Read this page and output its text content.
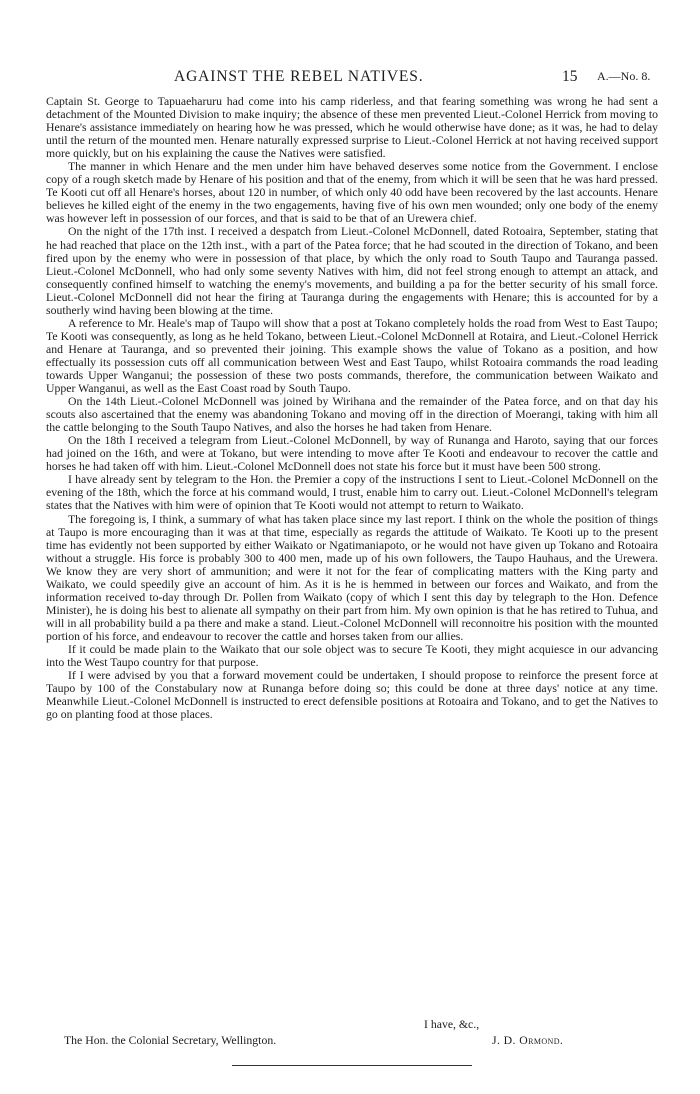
AGAINST THE REBEL NATIVES.	15 A.—No. 8.

Captain St. George to Tapuaeharuru had come into his camp riderless, and that fearing something was wrong he had sent a detachment of the Mounted Division to make inquiry; the absence of these men prevented Lieut.-Colonel Herrick from moving to Henare's assistance immediately on hearing how he was pressed, which he would otherwise have done; as it was, he had to delay until the return of the mounted men. Henare naturally expressed surprise to Lieut.-Colonel Herrick at not having received support more quickly, but on his explaining the cause the Natives were satisfied.

The manner in which Henare and the men under him have behaved deserves some notice from the Government. I enclose copy of a rough sketch made by Henare of his position and that of the enemy, from which it will be seen that he was hard pressed. Te Kooti cut off all Henare's horses, about 120 in number, of which only 40 odd have been recovered by the last accounts. Henare believes he killed eight of the enemy in the two engagements, having five of his own men wounded; only one body of the enemy was however left in possession of our forces, and that is said to be that of an Urewera chief.

On the night of the 17th inst. I received a despatch from Lieut.-Colonel McDonnell, dated Rotoaira, September, stating that he had reached that place on the 12th inst., with a part of the Patea force; that he had scouted in the direction of Tokano, and been fired upon by the enemy who were in possession of that place, by which the only road to South Taupo and Tauranga passed. Lieut.-Colonel McDonnell, who had only some seventy Natives with him, did not feel strong enough to attempt an attack, and consequently confined himself to watching the enemy's movements, and building a pa for the better security of his small force. Lieut.-Colonel McDonnell did not hear the firing at Tauranga during the engagements with Henare; this is accounted for by a southerly wind having been blowing at the time.

A reference to Mr. Heale's map of Taupo will show that a post at Tokano completely holds the road from West to East Taupo; Te Kooti was consequently, as long as he held Tokano, between Lieut.-Colonel McDonnell at Rotaira, and Lieut.-Colonel Herrick and Henare at Tauranga, and so prevented their joining. This example shows the value of Tokano as a position, and how effectually its possession cuts off all communication between West and East Taupo, whilst Rotoaira commands the road leading towards Upper Wanganui; the possession of these two posts commands, therefore, the communication between Waikato and Upper Wanganui, as well as the East Coast road by South Taupo.

On the 14th Lieut.-Colonel McDonnell was joined by Wirihana and the remainder of the Patea force, and on that day his scouts also ascertained that the enemy was abandoning Tokano and moving off in the direction of Moerangi, taking with him all the cattle belonging to the South Taupo Natives, and also the horses he had taken from Henare.

On the 18th I received a telegram from Lieut.-Colonel McDonnell, by way of Runanga and Haroto, saying that our forces had joined on the 16th, and were at Tokano, but were intending to move after Te Kooti and endeavour to recover the cattle and horses he had taken off with him. Lieut.-Colonel McDonnell does not state his force but it must have been 500 strong.

I have already sent by telegram to the Hon. the Premier a copy of the instructions I sent to Lieut.-Colonel McDonnell on the evening of the 18th, which the force at his command would, I trust, enable him to carry out. Lieut.-Colonel McDonnell's telegram states that the Natives with him were of opinion that Te Kooti would not attempt to return to Waikato.

The foregoing is, I think, a summary of what has taken place since my last report. I think on the whole the position of things at Taupo is more encouraging than it was at that time, especially as regards the attitude of Waikato. Te Kooti up to the present time has evidently not been supported by either Waikato or Ngatimaniapoto, or he would not have given up Tokano and Rotoaira without a struggle. His force is probably 300 to 400 men, made up of his own followers, the Taupo Hauhaus, and the Urewera. We know they are very short of ammunition; and were it not for the fear of complicating matters with the King party and Waikato, we could speedily give an account of him. As it is he is hemmed in between our forces and Waikato, and from the information received to-day through Dr. Pollen from Waikato (copy of which I sent this day by telegraph to the Hon. Defence Minister), he is doing his best to alienate all sympathy on their part from him. My own opinion is that he has retired to Tuhua, and will in all probability build a pa there and make a stand. Lieut.-Colonel McDonnell will reconnoitre his position with the mounted portion of his force, and endeavour to recover the cattle and horses taken from our allies.

If it could be made plain to the Waikato that our sole object was to secure Te Kooti, they might acquiesce in our advancing into the West Taupo country for that purpose.

If I were advised by you that a forward movement could be undertaken, I should propose to reinforce the present force at Taupo by 100 of the Constabulary now at Runanga before doing so; this could be done at three days' notice at any time. Meanwhile Lieut.-Colonel McDonnell is instructed to erect defensible positions at Rotoaira and Tokano, and to get the Natives to go on planting food at those places.

I have, &c.,
The Hon. the Colonial Secretary, Wellington.	J. D. Ormond.
